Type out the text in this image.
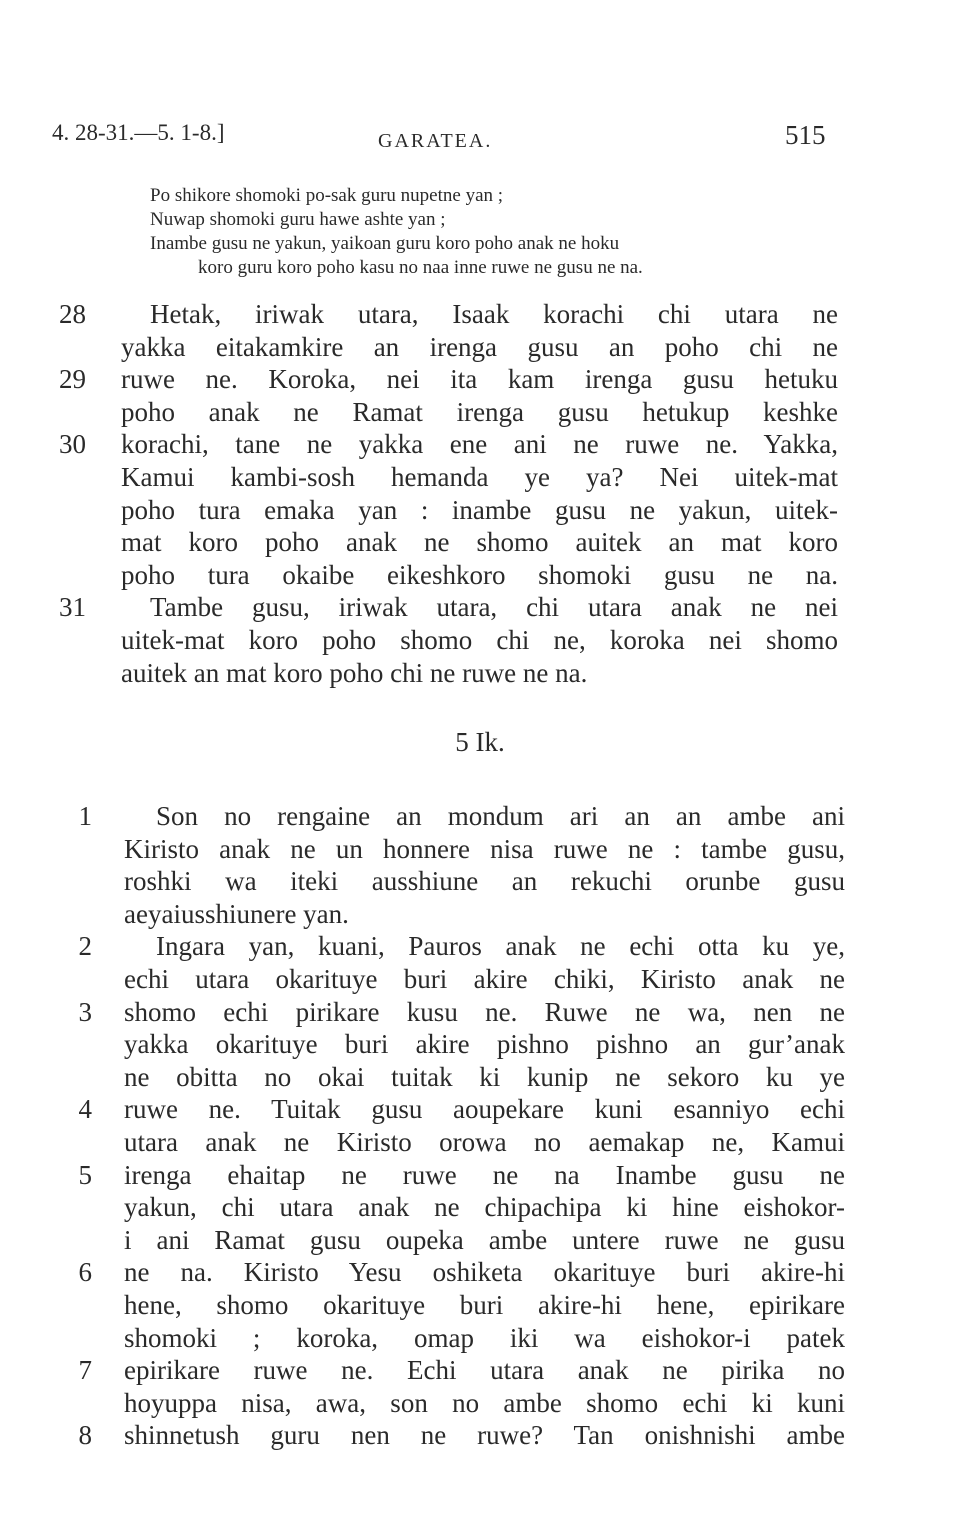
4. 28-31.—5. 1-8.]	GARATEA.	515
Po shikore shomoki po-sak guru nupetne yan ;
Nuwap shomoki guru hawe ashte yan ;
Inambe gusu ne yakun, yaikoan guru koro poho anak ne hoku
koro guru koro poho kasu no naa inne ruwe ne gusu ne na.
28 Hetak, iriwak utara, Isaak korachi chi utara ne
yakka eitakamkire an irenga gusu an poho chi ne
29 ruwe ne. Koroka, nei ita kam irenga gusu hetuku
poho anak ne Ramat irenga gusu hetukup keshke
30 korachi, tane ne yakka ene ani ne ruwe ne. Yakka,
Kamui kambi-sosh hemanda ye ya? Nei uitek-mat
poho tura emaka yan : inambe gusu ne yakun, uitek-
mat koro poho anak ne shomo auitek an mat koro
poho tura okaibe eikeshkoro shomoki gusu ne na.
31 Tambe gusu, iriwak utara, chi utara anak ne nei
uitek-mat koro poho shomo chi ne, koroka nei shomo
auitek an mat koro poho chi ne ruwe ne na.
5 Ik.
1 Son no rengaine an mondum ari an an ambe ani
Kiristo anak ne un honnere nisa ruwe ne : tambe gusu,
roshki wa iteki ausshiune an rekuchi orunbe gusu
aeyaiusshiunere yan.
2 Ingara yan, kuani, Pauros anak ne echi otta ku ye,
echi utara okarituye buri akire chiki, Kiristo anak ne
3 shomo echi pirikare kusu ne. Ruwe ne wa, nen ne
yakka okarituye buri akire pishno pishno an gur’anak
ne obitta no okai tuitak ki kunip ne sekoro ku ye
4 ruwe ne. Tuitak gusu aoupekare kuni esanniyo echi
utara anak ne Kiristo orowa no aemakap ne, Kamui
5 irenga ehaitap ne ruwe ne na Inambe gusu ne
yakun, chi utara anak ne chipachipa ki hine eishokor-
i ani Ramat gusu oupeka ambe untere ruwe ne gusu
6 ne na. Kiristo Yesu oshiketa okarituye buri akire-hi
hene, shomo okarituye buri akire-hi hene, epirikare
shomoki ; koroka, omap iki wa eishokor-i patek
7 epirikare ruwe ne. Echi utara anak ne pirika no
hoyuppa nisa, awa, son no ambe shomo echi ki kuni
8 shinnetush guru nen ne ruwe? Tan onishnishi ambe
